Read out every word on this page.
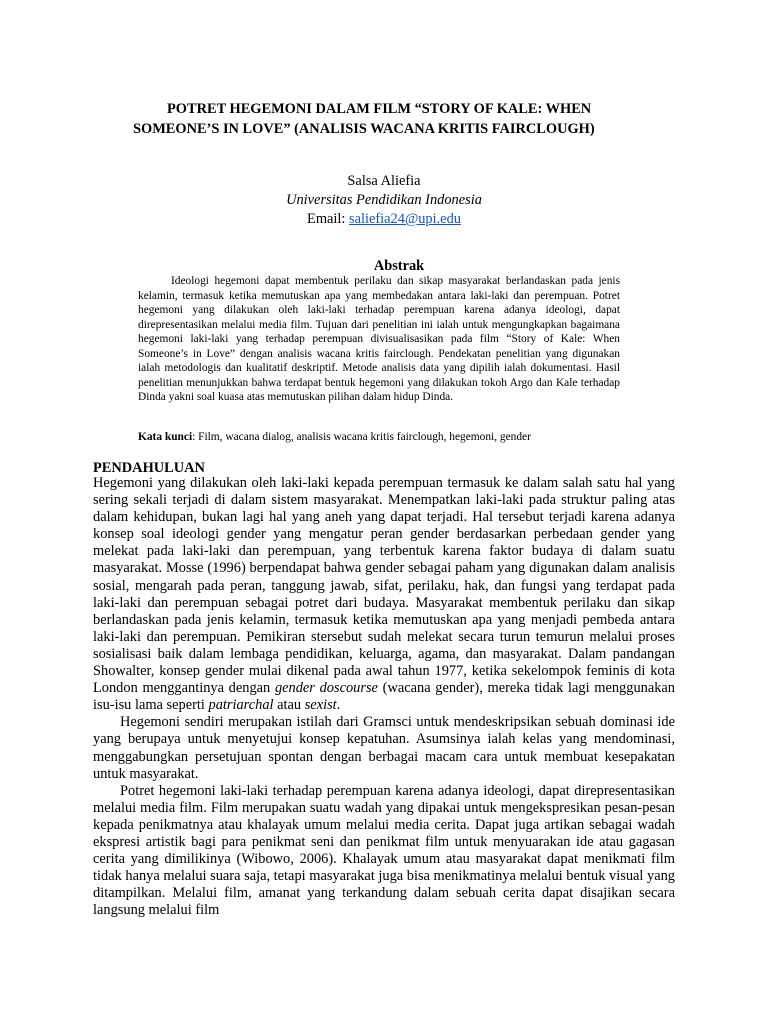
POTRET HEGEMONI DALAM FILM “STORY OF KALE: WHEN
SOMEONE’S IN LOVE” (ANALISIS WACANA KRITIS FAIRCLOUGH)
Salsa Aliefia
Universitas Pendidikan Indonesia
Email: saliefia24@upi.edu
Abstrak

Ideologi hegemoni dapat membentuk perilaku dan sikap masyarakat berlandaskan pada jenis kelamin, termasuk ketika memutuskan apa yang membedakan antara laki-laki dan perempuan. Potret hegemoni yang dilakukan oleh laki-laki terhadap perempuan karena adanya ideologi, dapat direpresentasikan melalui media film. Tujuan dari penelitian ini ialah untuk mengungkapkan bagaimana hegemoni laki-laki yang terhadap perempuan divisualisasikan pada film “Story of Kale: When Someone’s in Love” dengan analisis wacana kritis fairclough. Pendekatan penelitian yang digunakan ialah metodologis dan kualitatif deskriptif. Metode analisis data yang dipilih ialah dokumentasi. Hasil penelitian menunjukkan bahwa terdapat bentuk hegemoni yang dilakukan tokoh Argo dan Kale terhadap Dinda yakni soal kuasa atas memutuskan pilihan dalam hidup Dinda.

Kata kunci: Film, wacana dialog, analisis wacana kritis fairclough, hegemoni, gender

PENDAHULUAN

Hegemoni yang dilakukan oleh laki-laki kepada perempuan termasuk ke dalam salah satu hal yang sering sekali terjadi di dalam sistem masyarakat. Menempatkan laki-laki pada struktur paling atas dalam kehidupan, bukan lagi hal yang aneh yang dapat terjadi. Hal tersebut terjadi karena adanya konsep soal ideologi gender yang mengatur peran gender berdasarkan perbedaan gender yang melekat pada laki-laki dan perempuan, yang terbentuk karena faktor budaya di dalam suatu masyarakat. Mosse (1996) berpendapat bahwa gender sebagai paham yang digunakan dalam analisis sosial, mengarah pada peran, tanggung jawab, sifat, perilaku, hak, dan fungsi yang terdapat pada laki-laki dan perempuan sebagai potret dari budaya. Masyarakat membentuk perilaku dan sikap berlandaskan pada jenis kelamin, termasuk ketika memutuskan apa yang menjadi pembeda antara laki-laki dan perempuan. Pemikiran stersebut sudah melekat secara turun temurun melalui proses sosialisasi baik dalam lembaga pendidikan, keluarga, agama, dan masyarakat. Dalam pandangan Showalter, konsep gender mulai dikenal pada awal tahun 1977, ketika sekelompok feminis di kota London menggantinya dengan gender doscourse (wacana gender), mereka tidak lagi menggunakan isu-isu lama seperti patriarchal atau sexist.

Hegemoni sendiri merupakan istilah dari Gramsci untuk mendeskripsikan sebuah dominasi ide yang berupaya untuk menyetujui konsep kepatuhan. Asumsinya ialah kelas yang mendominasi, menggabungkan persetujuan spontan dengan berbagai macam cara untuk membuat kesepakatan untuk masyarakat.

Potret hegemoni laki-laki terhadap perempuan karena adanya ideologi, dapat direpresentasikan melalui media film. Film merupakan suatu wadah yang dipakai untuk mengekspresikan pesan-pesan kepada penikmatnya atau khalayak umum melalui media cerita. Dapat juga artikan sebagai wadah ekspresi artistik bagi para penikmat seni dan penikmat film untuk menyuarakan ide atau gagasan cerita yang dimilikinya (Wibowo, 2006). Khalayak umum atau masyarakat dapat menikmati film tidak hanya melalui suara saja, tetapi masyarakat juga bisa menikmatinya melalui bentuk visual yang ditampilkan. Melalui film, amanat yang terkandung dalam sebuah cerita dapat disajikan secara langsung melalui film
